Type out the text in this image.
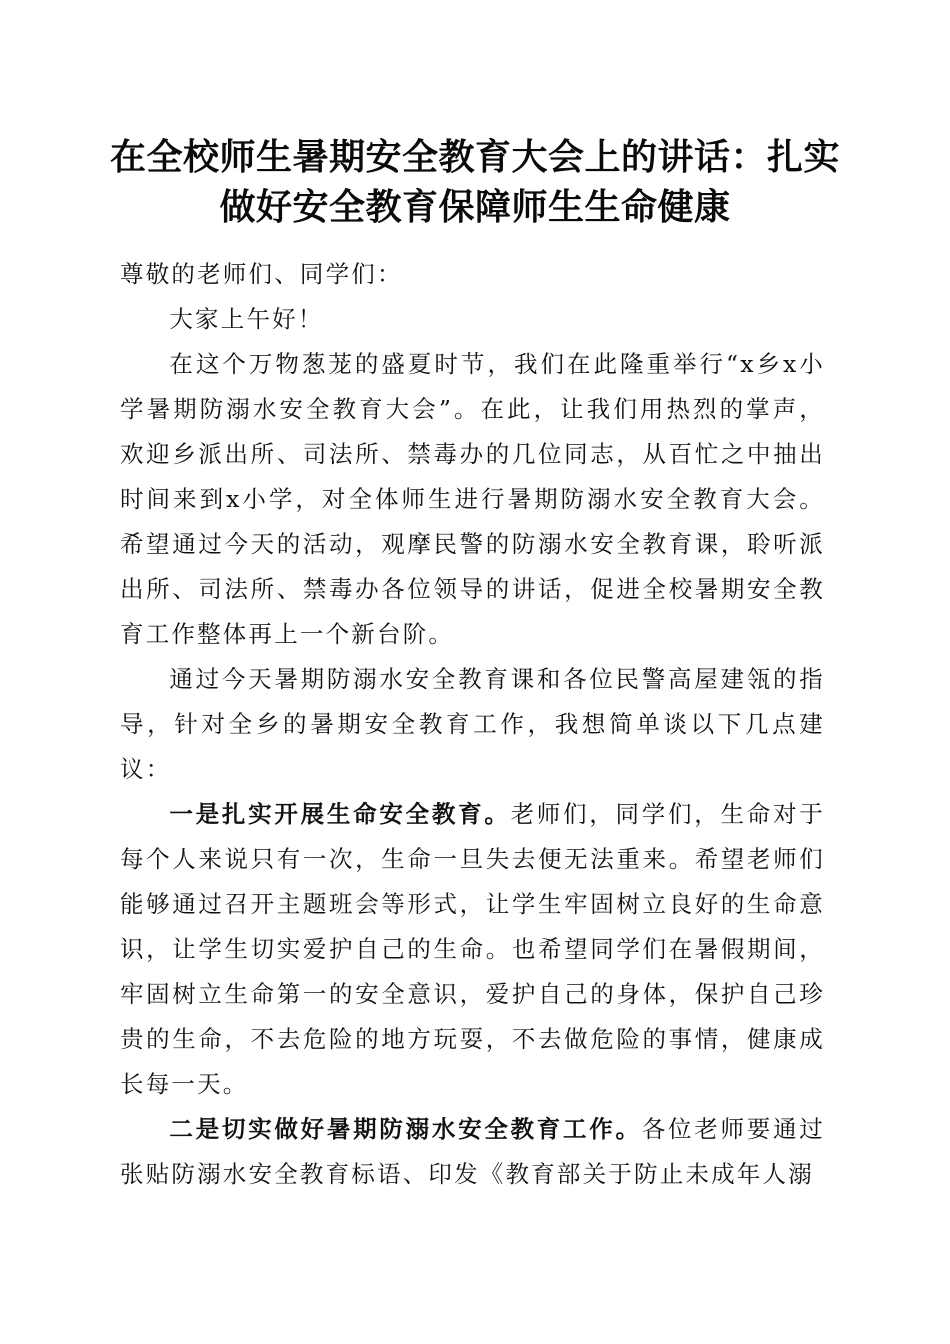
在全校师生暑期安全教育大会上的讲话：扎实
做好安全教育保障师生生命健康

尊敬的老师们、同学们：

大家上午好！

在这个万物葱茏的盛夏时节，我们在此隆重举行“x乡x小学暑期防溺水安全教育大会”。在此，让我们用热烈的掌声，欢迎乡派出所、司法所、禁毒办的几位同志，从百忙之中抽出时间来到x小学，对全体师生进行暑期防溺水安全教育大会。希望通过今天的活动，观摩民警的防溺水安全教育课，聆听派出所、司法所、禁毒办各位领导的讲话，促进全校暑期安全教育工作整体再上一个新台阶。

通过今天暑期防溺水安全教育课和各位民警高屋建瓴的指导，针对全乡的暑期安全教育工作，我想简单谈以下几点建议：

一是扎实开展生命安全教育。老师们，同学们，生命对于每个人来说只有一次，生命一旦失去便无法重来。希望老师们能够通过召开主题班会等形式，让学生牢固树立良好的生命意识，让学生切实爱护自己的生命。也希望同学们在暑假期间，牢固树立生命第一的安全意识，爱护自己的身体，保护自己珍贵的生命，不去危险的地方玩耍，不去做危险的事情，健康成长每一天。

二是切实做好暑期防溺水安全教育工作。各位老师要通过张贴防溺水安全教育标语、印发《教育部关于防止未成年人溺
